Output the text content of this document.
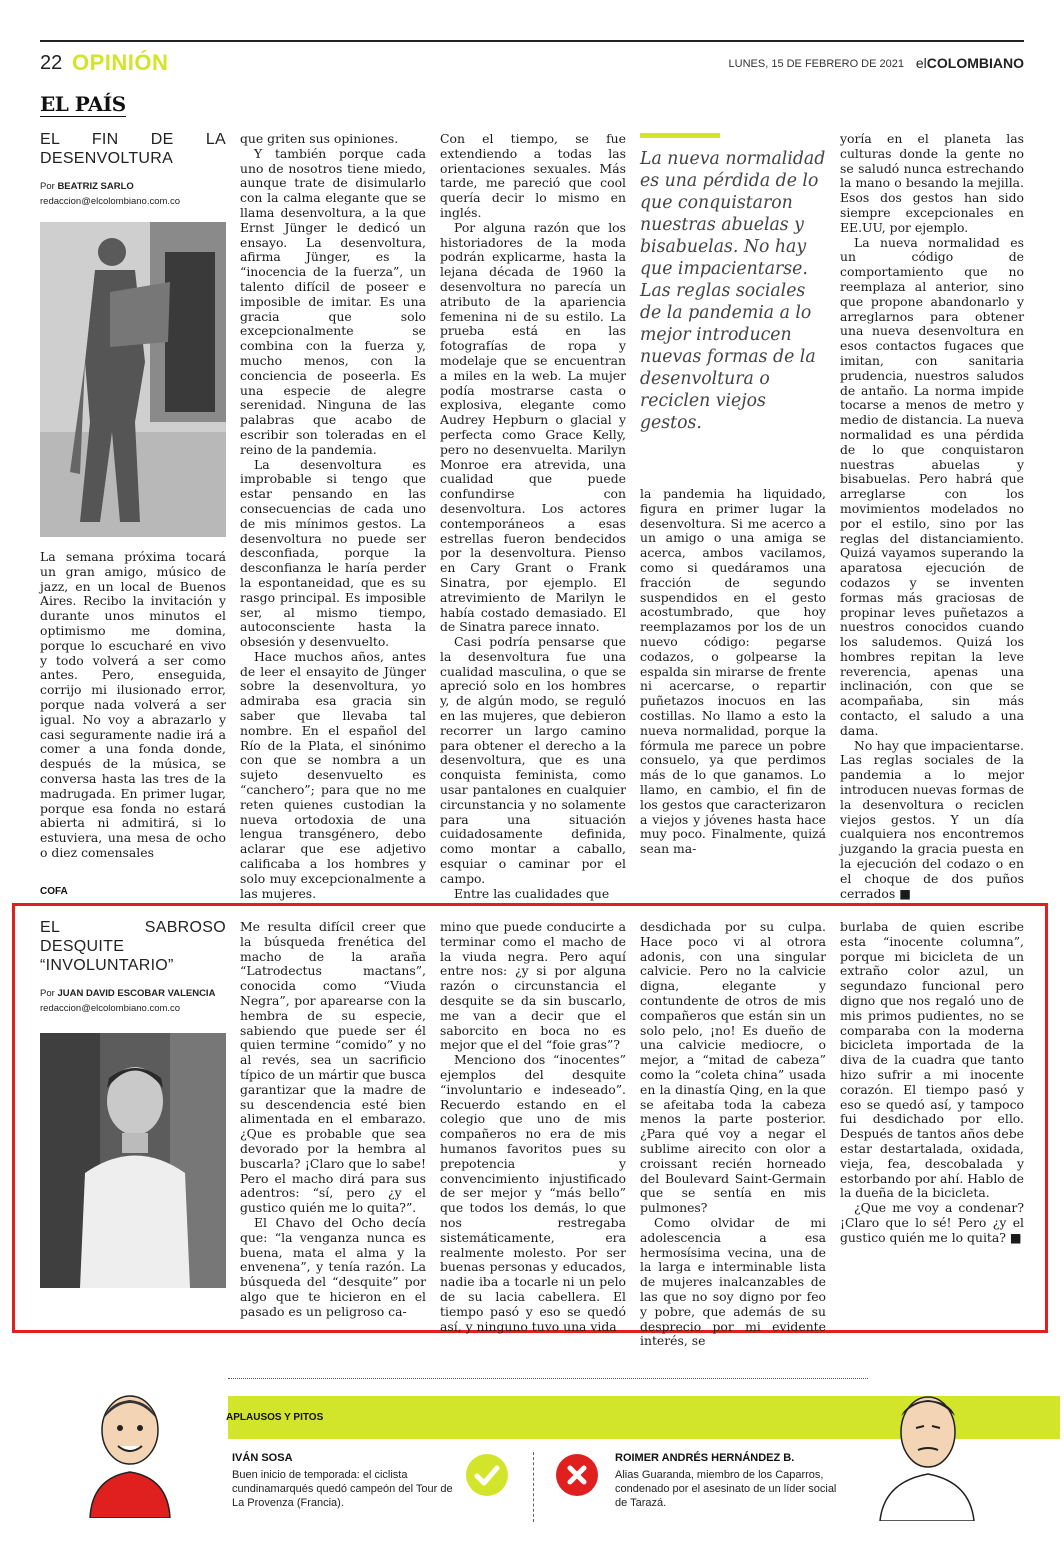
22 OPINIÓN	LUNES, 15 DE FEBRERO DE 2021 elCOLOMBIANO
EL PAÍS
EL FIN DE LA DESENVOLTURA
Por BEATRIZ SARLO
redaccion@elcolombiano.com.co

La semana próxima tocará un gran amigo, músico de jazz, en un local de Buenos Aires. Recibo la invitación y durante unos minutos el optimismo me domina, porque lo escucharé en vivo y todo volverá a ser como antes. Pero, enseguida, corrijo mi ilusionado error, porque nada volverá a ser igual. No voy a abrazarlo y casi seguramente nadie irá a comer a una fonda donde, después de la música, se conversa hasta las tres de la madrugada. En primer lugar, porque esa fonda no estará abierta ni admitirá, si lo estuviera, una mesa de ocho o diez comensales

que griten sus opiniones.

Y también porque cada uno de nosotros tiene miedo, aunque trate de disimularlo con la calma elegante que se llama desenvoltura, a la que Ernst Jünger le dedicó un ensayo. La desenvoltura, afirma Jünger, es la “inocencia de la fuerza”, un talento difícil de poseer e imposible de imitar. Es una gracia que solo excepcionalmente se combina con la fuerza y, mucho menos, con la conciencia de poseerla. Es una especie de alegre serenidad. Ninguna de las palabras que acabo de escribir son toleradas en el reino de la pandemia.

La desenvoltura es improbable si tengo que estar pensando en las consecuencias de cada uno de mis mínimos gestos. La desenvoltura no puede ser desconfiada, porque la desconfianza le haría perder la espontaneidad, que es su rasgo principal. Es imposible ser, al mismo tiempo, autoconsciente hasta la obsesión y desenvuelto.

Hace muchos años, antes de leer el ensayito de Jünger sobre la desenvoltura, yo admiraba esa gracia sin saber que llevaba tal nombre. En el español del Río de la Plata, el sinónimo con que se nombra a un sujeto desenvuelto es “canchero”; para que no me reten quienes custodian la nueva ortodoxia de una lengua transgénero, debo aclarar que ese adjetivo calificaba a los hombres y solo muy excepcionalmente a las mujeres.

Con el tiempo, se fue extendiendo a todas las orientaciones sexuales. Más tarde, me pareció que cool quería decir lo mismo en inglés.

Por alguna razón que los historiadores de la moda podrán explicarme, hasta la lejana década de 1960 la desenvoltura no parecía un atributo de la apariencia femenina ni de su estilo. La prueba está en las fotografías de ropa y modelaje que se encuentran a miles en la web. La mujer podía mostrarse casta o explosiva, elegante como Audrey Hepburn o glacial y perfecta como Grace Kelly, pero no desenvuelta. Marilyn Monroe era atrevida, una cualidad que puede confundirse con desenvoltura. Los actores contemporáneos a esas estrellas fueron bendecidos por la desenvoltura. Pienso en Cary Grant o Frank Sinatra, por ejemplo. El atrevimiento de Marilyn le había costado demasiado. El de Sinatra parece innato.

Casi podría pensarse que la desenvoltura fue una cualidad masculina, o que se apreció solo en los hombres y, de algún modo, se reguló en las mujeres, que debieron recorrer un largo camino para obtener el derecho a la desenvoltura, que es una conquista feminista, como usar pantalones en cualquier circunstancia y no solamente para una situación cuidadosamente definida, como montar a caballo, esquiar o caminar por el campo.

Entre las cualidades que

La nueva normalidad es una pérdida de lo que conquistaron nuestras abuelas y bisabuelas. No hay que impacientarse. Las reglas sociales de la pandemia a lo mejor introducen nuevas formas de la desenvoltura o reciclen viejos gestos.

la pandemia ha liquidado, figura en primer lugar la desenvoltura. Si me acerco a un amigo o una amiga se acerca, ambos vacilamos, como si quedáramos una fracción de segundo suspendidos en el gesto acostumbrado, que hoy reemplazamos por los de un nuevo código: pegarse codazos, o golpearse la espalda sin mirarse de frente ni acercarse, o repartir puñetazos inocuos en las costillas. No llamo a esto la nueva normalidad, porque la fórmula me parece un pobre consuelo, ya que perdimos más de lo que ganamos. Lo llamo, en cambio, el fin de los gestos que caracterizaron a viejos y jóvenes hasta hace muy poco. Finalmente, quizá sean ma-

yoría en el planeta las culturas donde la gente no se saludó nunca estrechando la mano o besando la mejilla. Esos dos gestos han sido siempre excepcionales en EE.UU, por ejemplo.

La nueva normalidad es un código de comportamiento que no reemplaza al anterior, sino que propone abandonarlo y arreglarnos para obtener una nueva desenvoltura en esos contactos fugaces que imitan, con sanitaria prudencia, nuestros saludos de antaño. La norma impide tocarse a menos de metro y medio de distancia. La nueva normalidad es una pérdida de lo que conquistaron nuestras abuelas y bisabuelas. Pero habrá que arreglarse con los movimientos modelados no por el estilo, sino por las reglas del distanciamiento. Quizá vayamos superando la aparatosa ejecución de codazos y se inventen formas más graciosas de propinar leves puñetazos a nuestros conocidos cuando los saludemos. Quizá los hombres repitan la leve reverencia, apenas una inclinación, con que se acompañaba, sin más contacto, el saludo a una dama.

No hay que impacientarse. Las reglas sociales de la pandemia a lo mejor introducen nuevas formas de la desenvoltura o reciclen viejos gestos. Y un día cualquiera nos encontremos juzgando la gracia puesta en la ejecución del codazo o en el choque de dos puños cerrados ■

COFA
EL SABROSO DESQUITE “INVOLUNTARIO”
Por JUAN DAVID ESCOBAR VALENCIA
redaccion@elcolombiano.com.co

Me resulta difícil creer que la búsqueda frenética del macho de la araña “Latrodectus mactans”, conocida como “Viuda Negra”, por aparearse con la hembra de su especie, sabiendo que puede ser él quien termine “comido” y no al revés, sea un sacrificio típico de un mártir que busca garantizar que la madre de su descendencia esté bien alimentada en el embarazo. ¿Que es probable que sea devorado por la hembra al buscarla? ¡Claro que lo sabe! Pero el macho dirá para sus adentros: “sí, pero ¿y el gustico quién me lo quita?”.

El Chavo del Ocho decía que: “la venganza nunca es buena, mata el alma y la envenena”, y tenía razón. La búsqueda del “desquite” por algo que te hicieron en el pasado es un peligroso ca-

mino que puede conducirte a terminar como el macho de la viuda negra. Pero aquí entre nos: ¿y si por alguna razón o circunstancia el desquite se da sin buscarlo, me van a decir que el saborcito en boca no es mejor que el del “foie gras”?

Menciono dos “inocentes” ejemplos del desquite “involuntario e indeseado”. Recuerdo estando en el colegio que uno de mis compañeros no era de mis humanos favoritos pues su prepotencia y convencimiento injustificado de ser mejor y “más bello” que todos los demás, lo que nos restregaba sistemáticamente, era realmente molesto. Por ser buenas personas y educados, nadie iba a tocarle ni un pelo de su lacia cabellera. El tiempo pasó y eso se quedó así, y ninguno tuvo una vida

desdichada por su culpa. Hace poco vi al otrora adonis, con una singular calvicie. Pero no la calvicie digna, elegante y contundente de otros de mis compañeros que están sin un solo pelo, ¡no! Es dueño de una calvicie mediocre, o mejor, a “mitad de cabeza” como la “coleta china” usada en la dinastía Qing, en la que se afeitaba toda la cabeza menos la parte posterior. ¿Para qué voy a negar el sublime airecito con olor a croissant recién horneado del Boulevard Saint-Germain que se sentía en mis pulmones?

Como olvidar de mi adolescencia a esa hermosísima vecina, una de la larga e interminable lista de mujeres inalcanzables de las que no soy digno por feo y pobre, que además de su desprecio por mi evidente interés, se

burlaba de quien escribe esta “inocente columna”, porque mi bicicleta de un extraño color azul, un segundazo funcional pero digno que nos regaló uno de mis primos pudientes, no se comparaba con la moderna bicicleta importada de la diva de la cuadra que tanto hizo sufrir a mi inocente corazón. El tiempo pasó y eso se quedó así, y tampoco fui desdichado por ello. Después de tantos años debe estar destartalada, oxidada, vieja, fea, descobalada y estorbando por ahí. Hablo de la dueña de la bicicleta.

¿Que me voy a condenar? ¡Claro que lo sé! Pero ¿y el gustico quién me lo quita? ■

APLAUSOS Y PITOS
IVÁN SOSA
Buen inicio de temporada: el ciclista cundinamarqués quedó campeón del Tour de La Provenza (Francia).
ROIMER ANDRÉS HERNÁNDEZ B.
Alias Guaranda, miembro de los Caparros, condenado por el asesinato de un líder social de Tarazá.
